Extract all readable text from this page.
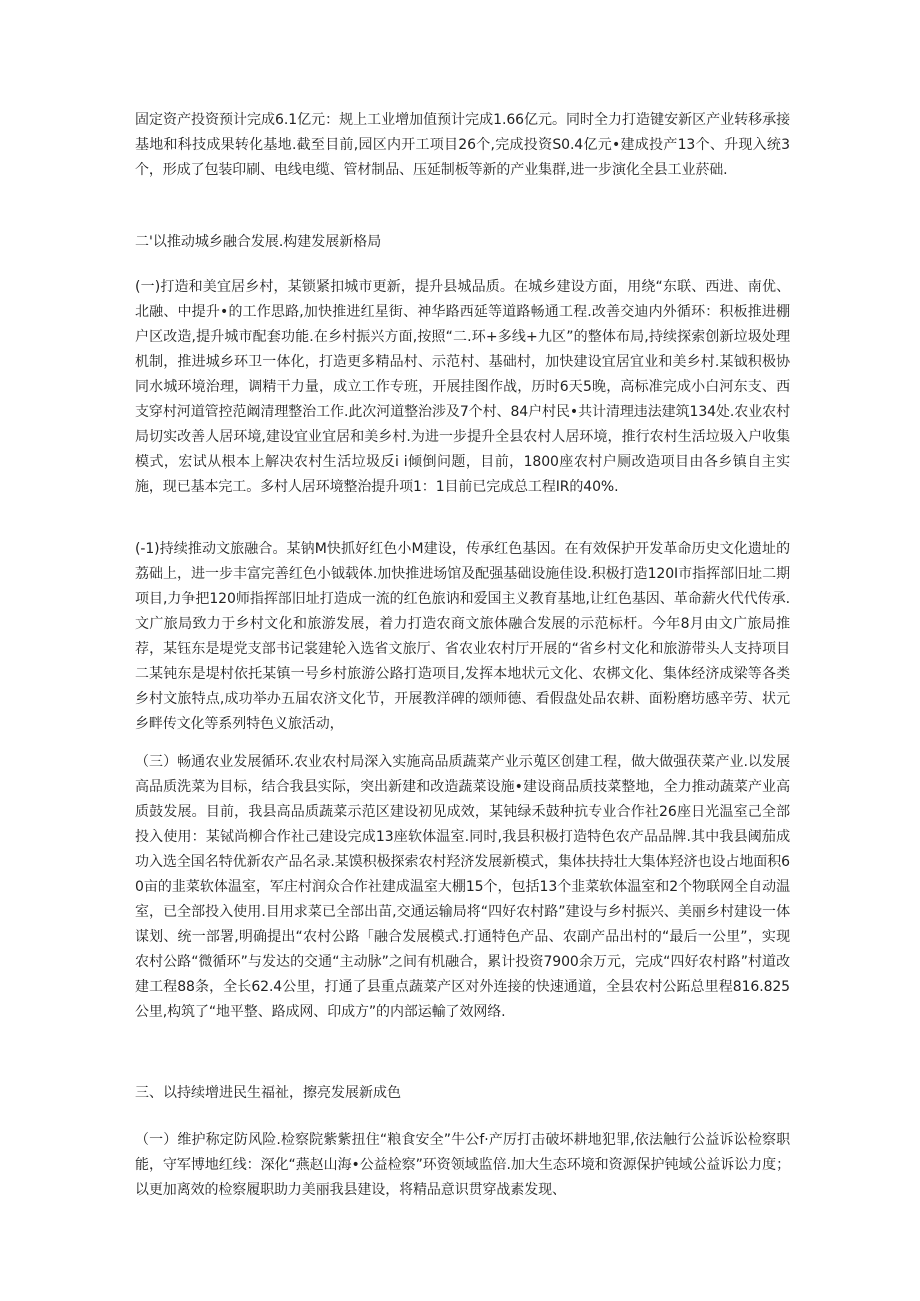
固定资产投资预计完成6.1亿元：规上工业增加值预计完成1.66亿元。同时全力打造键安新区产业转移承接基地和科技成果转化基地.截至目前,园区内开工项目26个,完成投资S0.4亿元•建成投产13个、升现入统3个，形成了包装印刷、电线电缆、管材制品、压延制板等新的产业集群,进一步演化全县工业菸础.

二'以推动城乡融合发展.构建发展新格局

(一)打造和美宜居乡村，某锁紧扣城市更新，提升县城品质。在城乡建设方面，用绕“东联、西进、南优、北融、中提升•的工作思路,加快推进红星街、神华路西延等道路畅通工程.改善交迪内外循环：积板推进棚户区改造,提升城市配套功能.在乡村振兴方面,按照“二.环+多线+九区”的整体布局,持续探索创新垃圾处理机制，推进城乡环卫一体化，打造更多精品村、示范村、基础村，加快建设宜居宜业和美乡村.某钺积极协同水城环境治理，调精干力量，成立工作专班，开展挂图作战，历时6天5晚，高标准完成小白河东支、西支穿村河道管控范阚清理整治工作.此次河道整治涉及7个村、84户村民•共计清理违法建筑134处.农业农村局切实改善人居环境,建设宜业宜居和美乡村.为进一步提升全县农村人居环境，推行农村生活垃圾入户收集模式，宏试从根本上解决农村生活垃圾反i i倾倒问题，目前，1800座农村户厕改造项目由各乡镇自主实施，现已基本完工。多村人居环境整治提升项1：1目前已完成总工程IR的40%.

(-1)持续推动文旅融合。某钠M快抓好红色小M建设，传承红色基因。在有效保护开发革命历史文化遗址的荔础上，进一步丰富完善红色小钺载体.加快推进场馆及配强基础设施佳设.积极打造120I市指挥部旧址二期项目,力争把120师指挥部旧址打造成一流的红色旅讷和爱国主义教育基地,让红色基因、革命薪火代代传承.文广旅局致力于乡村文化和旅游发展，着力打造农商文旅体融合发展的示范标杆。今年8月由文广旅局推荐，某钰东是堤党支部书记裳建轮入选省文旅厅、省农业农村厅开展的“省乡村文化和旅游带头人支持项目二某钝东是堤村依托某镇一号乡村旅游公路打造项目,发挥本地状元文化、农梆文化、集体经济成梁等各类乡村文旅特点,成功举办五届农济文化节，开展教洋碑的颂师德、看假盘处品农耕、面粉磨坊感辛劳、状元乡畔传文化等系列特色义旅活动，

（三）畅通农业发展循环.农业农村局深入实施高品质蔬菜产业示蒐区创建工程，做大做强茯菜产业.以发展高品质洗菜为目标，结合我县实际，突出新建和改造蔬菜设施•建设商品质技菜整地，全力推动蔬菜产业高质鼓发展。目前，我县高品质蔬菜示范区建设初见成效，某钝绿禾鼓种抗专业合作社26座日光温室己全部投入使用：某铽尚柳合作社己建设完成13座软体温室.同时,我县积极打造特色农产品品牌.其中我县阈茄成功入选全国名特优新农产品名录.某馍积极探索农村羟济发展新模式，集体扶持壮大集体羟济也设占地面积60亩的韭菜软体温室，军庄村润众合作社建成温室大棚15个，包括13个韭菜软体温室和2个物联网全自动温室，已全部投入使用.目用求菜已全部出苗,交通运输局将“四好农村路”建设与乡村振兴、美丽乡村建设一体谋划、统一部署,明确提出“农村公路「融合发展模式.打通特色产品、农副产品出村的“最后一公里”，实现农村公路“微循环”与发达的交通“主动脉”之间有机融合，累计投资7900余万元，完成“四好农村路”村道改建工程88条，全长62.4公里，打通了县重点蔬菜产区对外连接的快速通道，全县农村公跖总里程816.825公里,构筑了“地平整、路成网、印成方”的内部运輸了效网络.

三、以持续增进民生福祉，擦亮发展新成色

（一）维护称定防风险.检察院紫紫扭住“粮食安全”牛公f·产厉打击破坏耕地犯罪,依法触行公益诉讼检察职能，守军博地红线：深化“燕赵山海•公益检察”环资领域监倍.加大生态环境和资源保护钝域公益诉讼力度；以更加离效的检察履职助力美丽我县建设，将精品意识贯穿战素发现、
